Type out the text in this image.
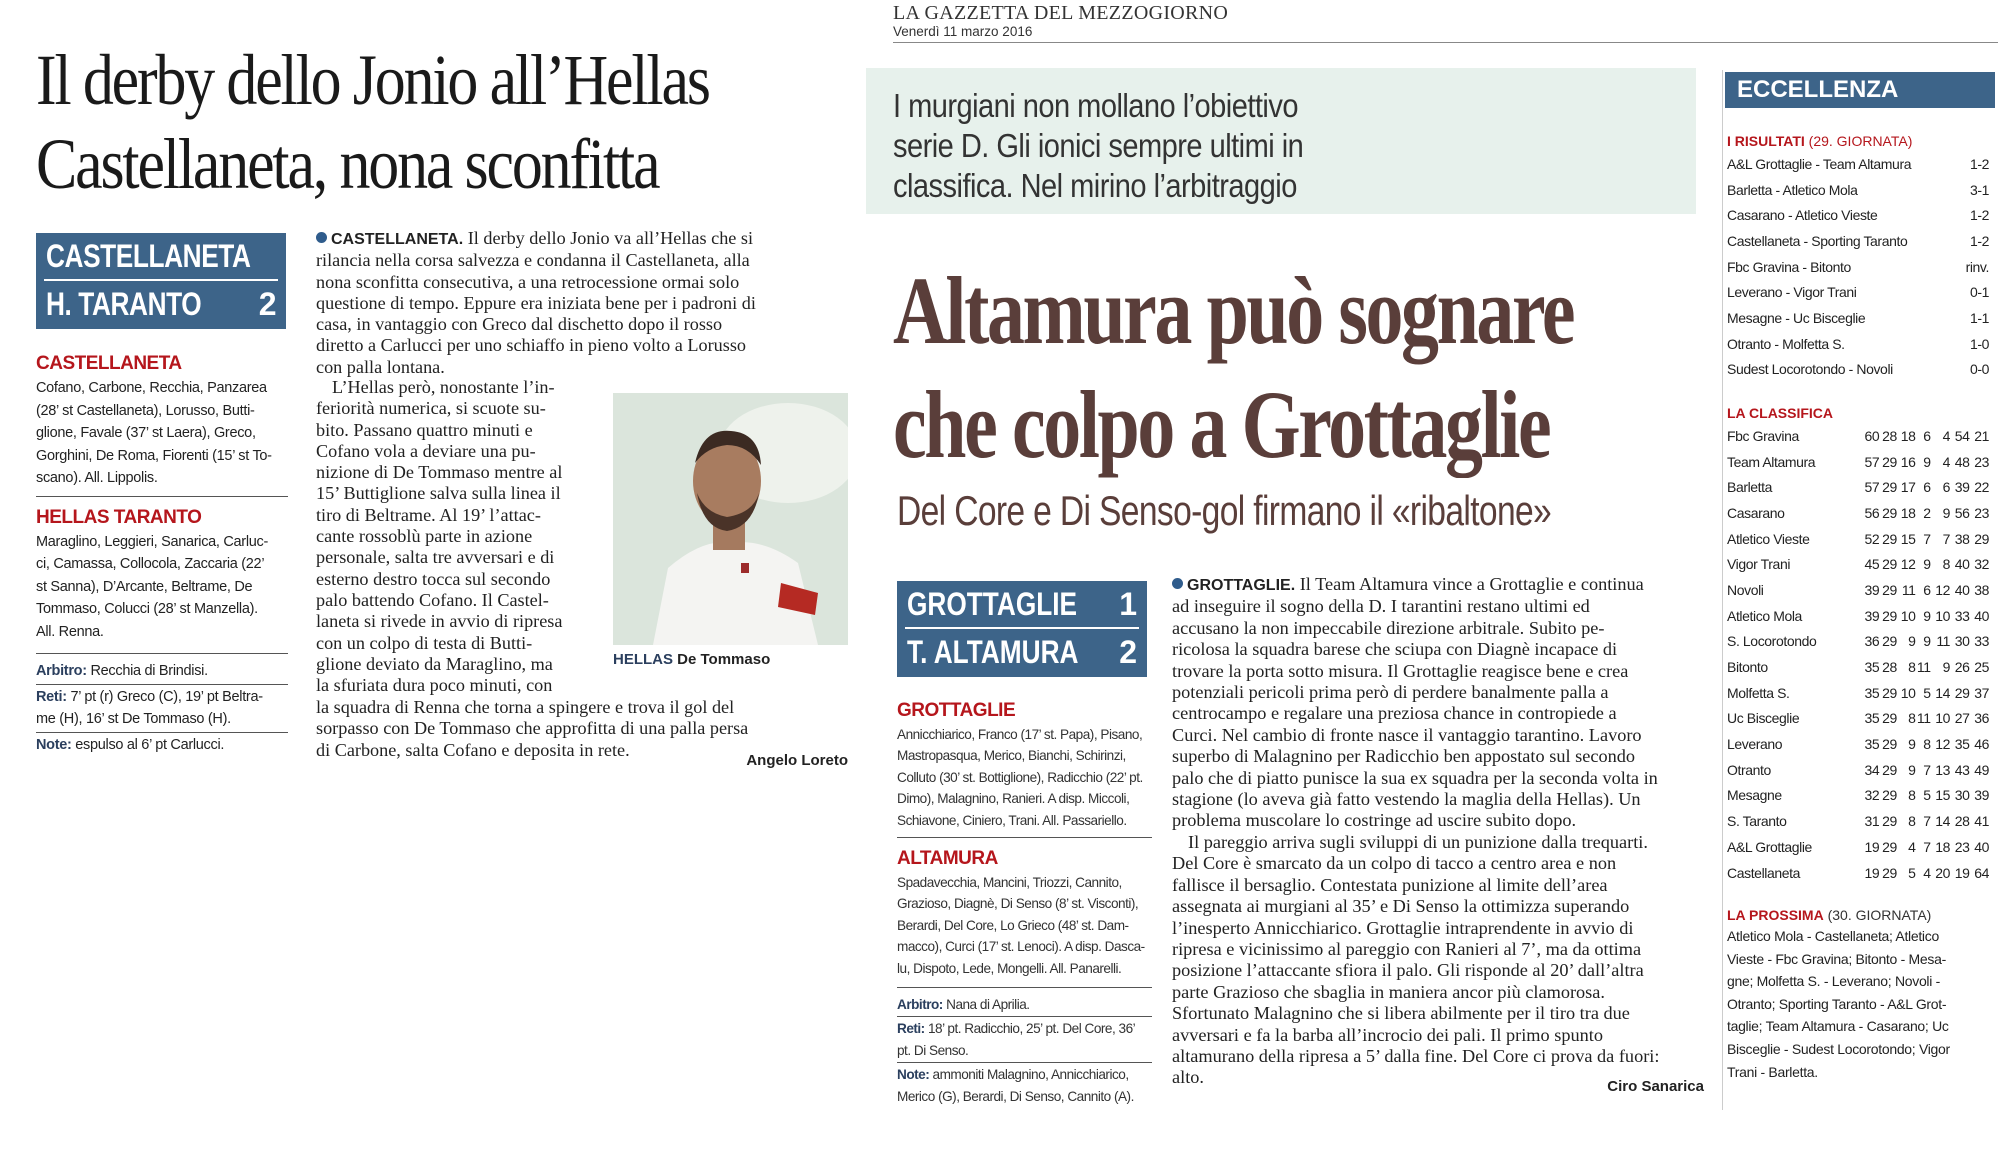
Il derby dello Jonio all’Hellas
Castellaneta, nona sconfitta
CASTELLANETA 1
H. TARANTO 2
CASTELLANETA
Cofano, Carbone, Recchia, Panzarea
(28’ st Castellaneta), Lorusso, Butti-
glione, Favale (37’ st Laera), Greco,
Gorghini, De Roma, Fiorenti (15’ st To-
scano). All. Lippolis.
HELLAS TARANTO
Maraglino, Leggieri, Sanarica, Carluc-
ci, Camassa, Collocola, Zaccaria (22’
st Sanna), D’Arcante, Beltrame, De
Tommaso, Colucci (28’ st Manzella).
All. Renna.
Arbitro: Recchia di Brindisi.
Reti: 7’ pt (r) Greco (C), 19’ pt Beltra-
me (H), 16’ st De Tommaso (H).
Note: espulso al 6’ pt Carlucci.

CASTELLANETA. Il derby dello Jonio va all’Hellas che si

rilancia nella corsa salvezza e condanna il Castellaneta, alla
nona sconfitta consecutiva, a una retrocessione ormai solo
questione di tempo. Eppure era iniziata bene per i padroni di
casa, in vantaggio con Greco dal dischetto dopo il rosso
diretto a Carlucci per uno schiaffo in pieno volto a Lorusso
con palla lontana.
L’Hellas però, nonostante l’in-
feriorità numerica, si scuote su-
bito. Passano quattro minuti e
Cofano vola a deviare una pu-
nizione di De Tommaso mentre al
15’ Buttiglione salva sulla linea il
tiro di Beltrame. Al 19’ l’attac-
cante rossoblù parte in azione
personale, salta tre avversari e di
esterno destro tocca sul secondo
palo battendo Cofano. Il Castel-
laneta si rivede in avvio di ripresa
con un colpo di testa di Butti-
glione deviato da Maraglino, ma
la sfuriata dura poco minuti, con
la squadra di Renna che torna a spingere e trova il gol del
sorpasso con De Tommaso che approfitta di una palla persa
di Carbone, salta Cofano e deposita in rete.
HELLAS De Tommaso
Angelo Loreto
LA GAZZETTA DEL MEZZOGIORNO
Venerdì 11 marzo 2016
I murgiani non mollano l’obiettivo
serie D. Gli ionici sempre ultimi in
classifica. Nel mirino l’arbitraggio
Altamura può sognare
che colpo a Grottaglie
Del Core e Di Senso-gol firmano il «ribaltone»
GROTTAGLIE 1
T. ALTAMURA 2
GROTTAGLIE
Annicchiarico, Franco (17’ st. Papa), Pisano,
Mastropasqua, Merico, Bianchi, Schirinzi,
Colluto (30’ st. Bottiglione), Radicchio (22’ pt.
Dimo), Malagnino, Ranieri. A disp. Miccoli,
Schiavone, Ciniero, Trani. All. Passariello.
ALTAMURA
Spadavecchia, Mancini, Triozzi, Cannito,
Grazioso, Diagnè, Di Senso (8’ st. Visconti),
Berardi, Del Core, Lo Grieco (48’ st. Dam-
macco), Curci (17’ st. Lenoci). A disp. Dasca-
lu, Dispoto, Lede, Mongelli. All. Panarelli.
Arbitro: Nana di Aprilia.
Reti: 18’ pt. Radicchio, 25’ pt. Del Core, 36’
pt. Di Senso.
Note: ammoniti Malagnino, Annicchiarico,
Merico (G), Berardi, Di Senso, Cannito (A).
GROTTAGLIE. Il Team Altamura vince a Grottaglie e continua
ad inseguire il sogno della D. I tarantini restano ultimi ed
accusano la non impeccabile direzione arbitrale. Subito pe-
ricolosa la squadra barese che sciupa con Diagnè incapace di
trovare la porta sotto misura. Il Grottaglie reagisce bene e crea
potenziali pericoli prima però di perdere banalmente palla a
centrocampo e regalare una preziosa chance in contropiede a
Curci. Nel cambio di fronte nasce il vantaggio tarantino. Lavoro
superbo di Malagnino per Radicchio ben appostato sul secondo
palo che di piatto punisce la sua ex squadra per la seconda volta in
stagione (lo aveva già fatto vestendo la maglia della Hellas). Un
problema muscolare lo costringe ad uscire subito dopo.
Il pareggio arriva sugli sviluppi di un punizione dalla trequarti.
Del Core è smarcato da un colpo di tacco a centro area e non
fallisce il bersaglio. Contestata punizione al limite dell’area
assegnata ai murgiani al 35’ e Di Senso la ottimizza superando
l’inesperto Annicchiarico. Grottaglie intraprendente in avvio di
ripresa e vicinissimo al pareggio con Ranieri al 7’, ma da ottima
posizione l’attaccante sfiora il palo. Gli risponde al 20’ dall’altra
parte Grazioso che sbaglia in maniera ancor più clamorosa.
Sfortunato Malagnino che si libera abilmente per il tiro tra due
avversari e fa la barba all’incrocio dei pali. Il primo spunto
altamurano della ripresa a 5’ dalla fine. Del Core ci prova da fuori:
alto.	Ciro Sanarica
ECCELLENZA
I RISULTATI (29. GIORNATA)
A&L Grottaglie - Team Altamura	1-2
Barletta - Atletico Mola	3-1
Casarano - Atletico Vieste	1-2
Castellaneta - Sporting Taranto	1-2
Fbc Gravina - Bitonto	rinv.
Leverano - Vigor Trani	0-1
Mesagne - Uc Bisceglie	1-1
Otranto - Molfetta S.	1-0
Sudest Locorotondo - Novoli	0-0
LA CLASSIFICA
Fbc Gravina	60 28 18 6 4 54 21
Team Altamura	57 29 16 9 4 48 23
Barletta	57 29 17 6 6 39 22
Casarano	56 29 18 2 9 56 23
Atletico Vieste	52 29 15 7 7 38 29
Vigor Trani	45 29 12 9 8 40 32
Novoli	39 29 11 6 12 40 38
Atletico Mola	39 29 10 9 10 33 40
S. Locorotondo	36 29 9 9 11 30 33
Bitonto	35 28 8 11 9 26 25
Molfetta S.	35 29 10 5 14 29 37
Uc Bisceglie	35 29 8 11 10 27 36
Leverano	35 29 9 8 12 35 46
Otranto	34 29 9 7 13 43 49
Mesagne	32 29 8 5 15 30 39
S. Taranto	31 29 8 7 14 28 41
A&L Grottaglie	19 29 4 7 18 23 40
Castellaneta	19 29 5 4 20 19 64
LA PROSSIMA (30. GIORNATA)
Atletico Mola - Castellaneta; Atletico
Vieste - Fbc Gravina; Bitonto - Mesa-
gne; Molfetta S. - Leverano; Novoli -
Otranto; Sporting Taranto - A&L Grot-
taglie; Team Altamura - Casarano; Uc
Bisceglie - Sudest Locorotondo; Vigor
Trani - Barletta.
